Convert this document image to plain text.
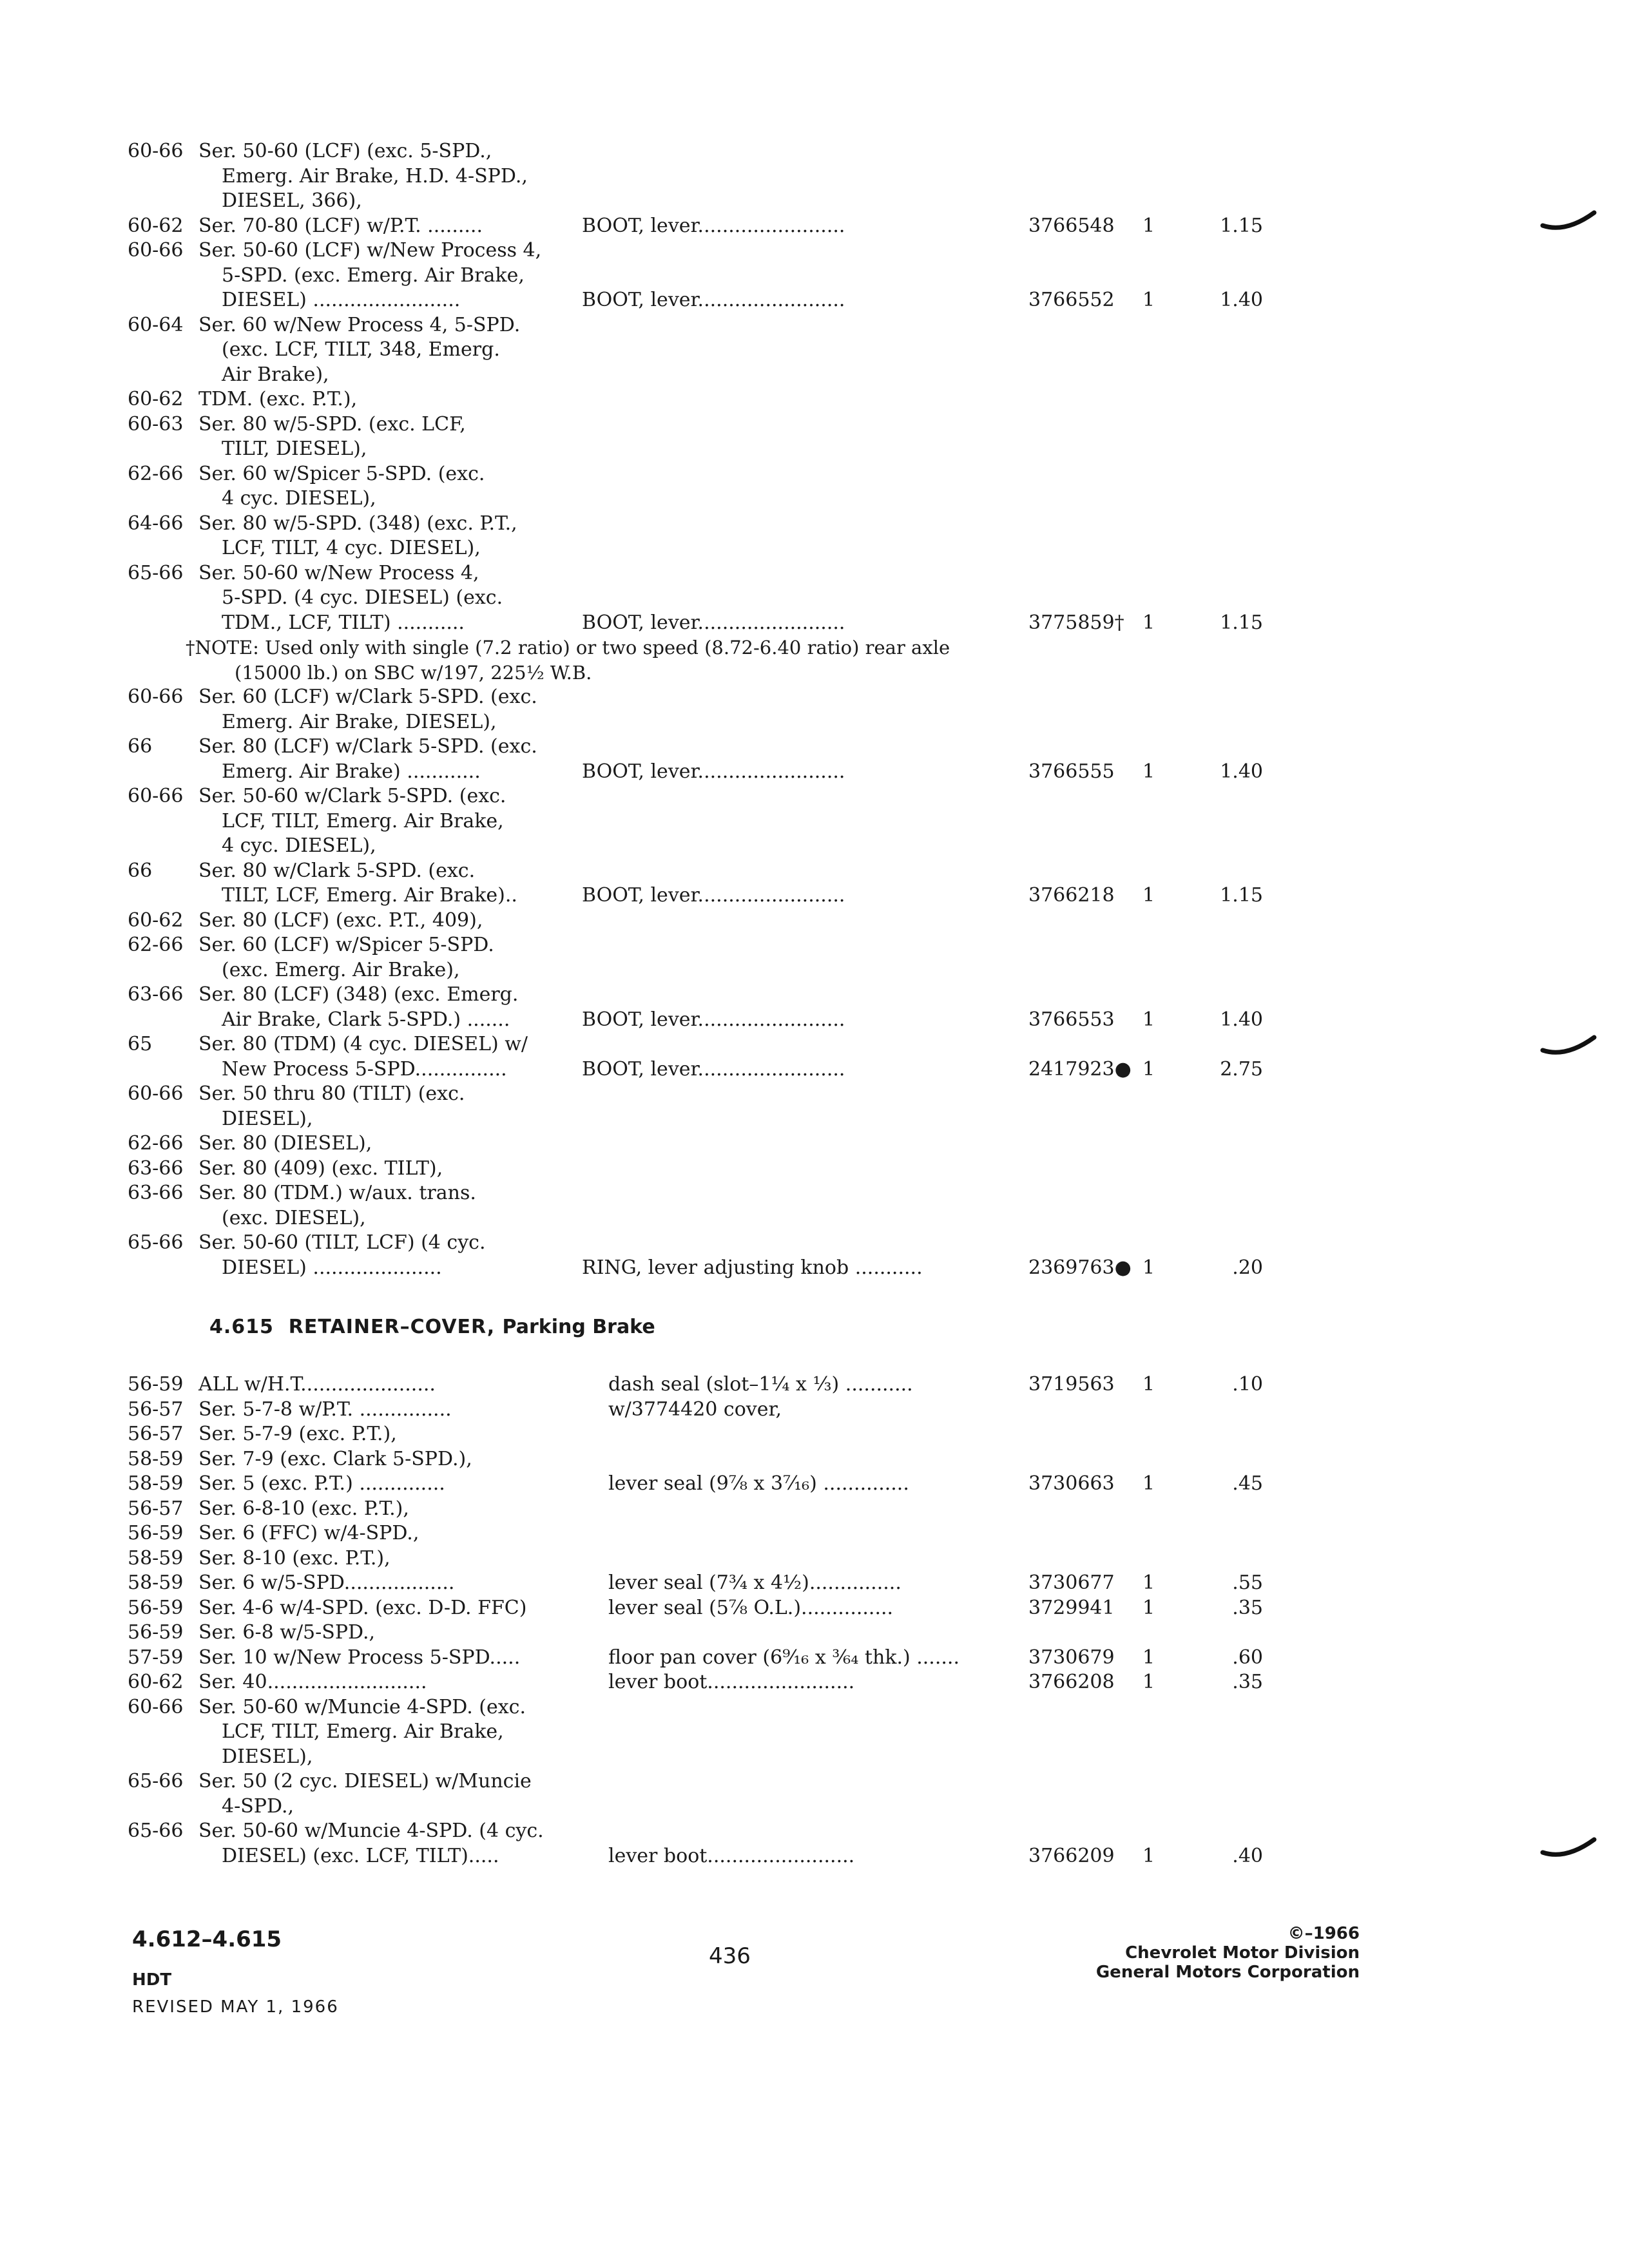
60-66 Ser. 50-60 (LCF) (exc. 5-SPD.,
Emerg. Air Brake, H.D. 4-SPD.,
DIESEL, 366),
60-62 Ser. 70-80 (LCF) w/P.T. .........	BOOT, lever........................	3766548 1	1.15
60-66 Ser. 50-60 (LCF) w/New Process 4,
5-SPD. (exc. Emerg. Air Brake,
DIESEL) ........................	BOOT, lever........................	3766552 1	1.40
60-64 Ser. 60 w/New Process 4, 5-SPD.
(exc. LCF, TILT, 348, Emerg.
Air Brake),
60-62 TDM. (exc. P.T.),
60-63 Ser. 80 w/5-SPD. (exc. LCF,
TILT, DIESEL),
62-66 Ser. 60 w/Spicer 5-SPD. (exc.
4 cyc. DIESEL),
64-66 Ser. 80 w/5-SPD. (348) (exc. P.T.,
LCF, TILT, 4 cyc. DIESEL),
65-66 Ser. 50-60 w/New Process 4,
5-SPD. (4 cyc. DIESEL) (exc.
TDM., LCF, TILT) ...........	BOOT, lever........................	3775859† 1	1.15
†NOTE: Used only with single (7.2 ratio) or two speed (8.72-6.40 ratio) rear axle
(15000 lb.) on SBC w/197, 225½ W.B.
60-66 Ser. 60 (LCF) w/Clark 5-SPD. (exc.
Emerg. Air Brake, DIESEL),
66 Ser. 80 (LCF) w/Clark 5-SPD. (exc.
Emerg. Air Brake) ............	BOOT, lever........................	3766555 1	1.40
60-66 Ser. 50-60 w/Clark 5-SPD. (exc.
LCF, TILT, Emerg. Air Brake,
4 cyc. DIESEL),
66 Ser. 80 w/Clark 5-SPD. (exc.
TILT, LCF, Emerg. Air Brake)..	BOOT, lever........................	3766218 1	1.15
60-62 Ser. 80 (LCF) (exc. P.T., 409),
62-66 Ser. 60 (LCF) w/Spicer 5-SPD.
(exc. Emerg. Air Brake),
63-66 Ser. 80 (LCF) (348) (exc. Emerg.
Air Brake, Clark 5-SPD.) .......	BOOT, lever........................	3766553 1	1.40
65 Ser. 80 (TDM) (4 cyc. DIESEL) w/
New Process 5-SPD...............	BOOT, lever........................	2417923● 1	2.75
60-66 Ser. 50 thru 80 (TILT) (exc.
DIESEL),
62-66 Ser. 80 (DIESEL),
63-66 Ser. 80 (409) (exc. TILT),
63-66 Ser. 80 (TDM.) w/aux. trans.
(exc. DIESEL),
65-66 Ser. 50-60 (TILT, LCF) (4 cyc.
DIESEL) .....................	RING, lever adjusting knob ...........	2369763● 1	.20
4.615 RETAINER–COVER, Parking Brake
56-59 ALL w/H.T......................	dash seal (slot–1¼ x ⅓) ...........	3719563 1	.10
56-57 Ser. 5-7-8 w/P.T. ...............	w/3774420 cover,
56-57 Ser. 5-7-9 (exc. P.T.),
58-59 Ser. 7-9 (exc. Clark 5-SPD.),
58-59 Ser. 5 (exc. P.T.) ..............	lever seal (9⅞ x 3⁷⁄₁₆) ..............	3730663 1	.45
56-57 Ser. 6-8-10 (exc. P.T.),
56-59 Ser. 6 (FFC) w/4-SPD.,
58-59 Ser. 8-10 (exc. P.T.),
58-59 Ser. 6 w/5-SPD..................	lever seal (7¾ x 4½)...............	3730677 1	.55
56-59 Ser. 4-6 w/4-SPD. (exc. D-D. FFC)	lever seal (5⅞ O.L.)...............	3729941 1	.35
56-59 Ser. 6-8 w/5-SPD.,
57-59 Ser. 10 w/New Process 5-SPD.....	floor pan cover (6⁹⁄₁₆ x ³⁄₆₄ thk.) .......	3730679 1	.60
60-62 Ser. 40..........................	lever boot........................	3766208 1	.35
60-66 Ser. 50-60 w/Muncie 4-SPD. (exc.
LCF, TILT, Emerg. Air Brake,
DIESEL),
65-66 Ser. 50 (2 cyc. DIESEL) w/Muncie
4-SPD.,
65-66 Ser. 50-60 w/Muncie 4-SPD. (4 cyc.
DIESEL) (exc. LCF, TILT).....	lever boot........................	3766209 1	.40
4.612–4.615
HDT
REVISED MAY 1, 1966
436
©–1966
Chevrolet Motor Division
General Motors Corporation
